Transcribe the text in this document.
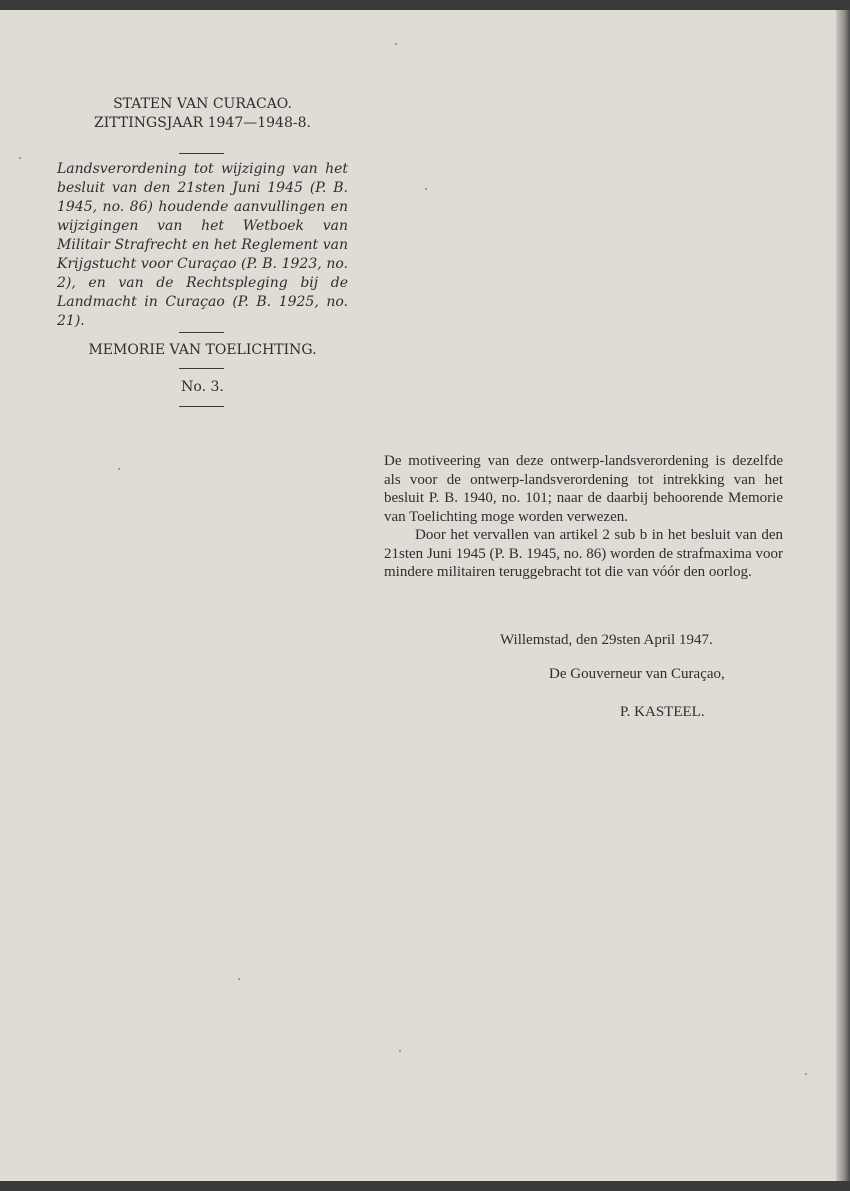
STATEN VAN CURACAO.
ZITTINGSJAAR 1947—1948-8.
Landsverordening tot wijziging van het besluit van den 21sten Juni 1945 (P. B. 1945, no. 86) houdende aanvullingen en wijzigingen van het Wetboek van Militair Strafrecht en het Reglement van Krijgstucht voor Curaçao (P. B. 1923, no. 2), en van de Rechtspleging bij de Landmacht in Curaçao (P. B. 1925, no. 21).
MEMORIE VAN TOELICHTING.
No. 3.

De motiveering van deze ontwerp-landsverordening is dezelfde als voor de ontwerp-landsverordening tot intrekking van het besluit P. B. 1940, no. 101; naar de daarbij behoorende Memorie van Toelichting moge worden verwezen.

Door het vervallen van artikel 2 sub b in het besluit van den 21sten Juni 1945 (P. B. 1945, no. 86) worden de strafmaxima voor mindere militairen teruggebracht tot die van vóór den oorlog.

Willemstad, den 29sten April 1947.
De Gouverneur van Curaçao,
P. KASTEEL.
